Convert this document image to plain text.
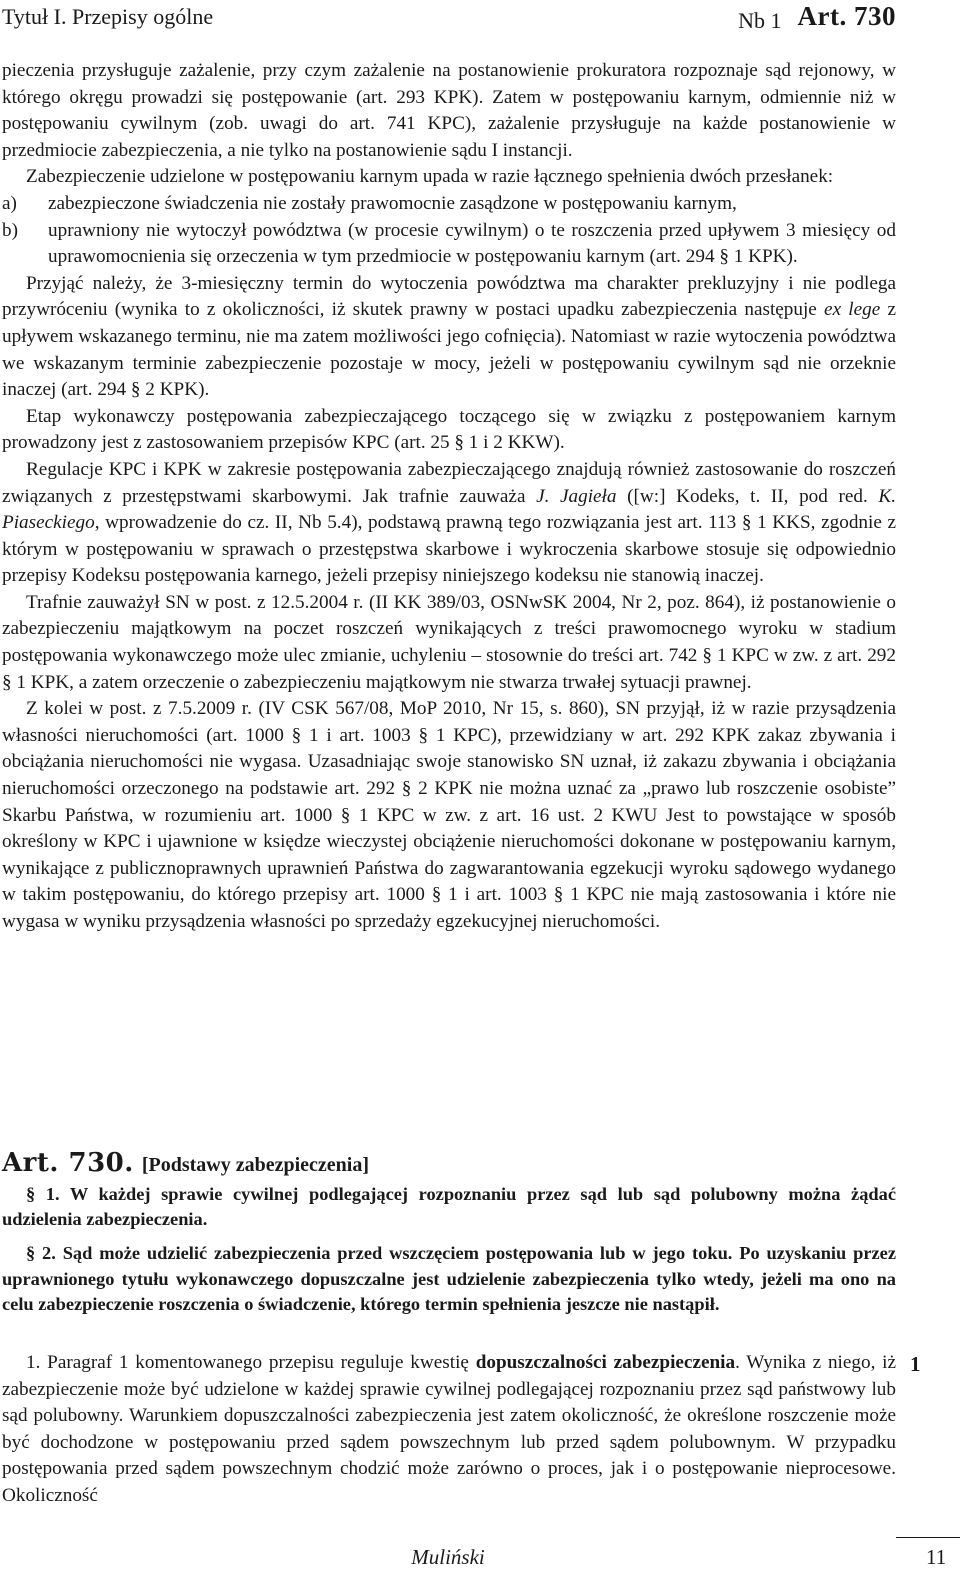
Tytuł I. Przepisy ogólne	Nb 1 Art. 730

pieczenia przysługuje zażalenie, przy czym zażalenie na postanowienie prokuratora rozpoznaje sąd rejonowy, w którego okręgu prowadzi się postępowanie (art. 293 KPK). Zatem w postępowaniu karnym, odmiennie niż w postępowaniu cywilnym (zob. uwagi do art. 741 KPC), zażalenie przysługuje na każde postanowienie w przedmiocie zabezpieczenia, a nie tylko na postanowienie sądu I instancji.

Zabezpieczenie udzielone w postępowaniu karnym upada w razie łącznego spełnienia dwóch przesłanek:

a)	zabezpieczone świadczenia nie zostały prawomocnie zasądzone w postępowaniu karnym,
b)	uprawniony nie wytoczył powództwa (w procesie cywilnym) o te roszczenia przed upływem 3 miesięcy od uprawomocnienia się orzeczenia w tym przedmiocie w postępowaniu karnym (art. 294 § 1 KPK).

Przyjąć należy, że 3-miesięczny termin do wytoczenia powództwa ma charakter prekluzyjny i nie podlega przywróceniu (wynika to z okoliczności, iż skutek prawny w postaci upadku zabezpieczenia następuje ex lege z upływem wskazanego terminu, nie ma zatem możliwości jego cofnięcia). Natomiast w razie wytoczenia powództwa we wskazanym terminie zabezpieczenie pozostaje w mocy, jeżeli w postępowaniu cywilnym sąd nie orzeknie inaczej (art. 294 § 2 KPK).

Etap wykonawczy postępowania zabezpieczającego toczącego się w związku z postępowaniem karnym prowadzony jest z zastosowaniem przepisów KPC (art. 25 § 1 i 2 KKW).

Regulacje KPC i KPK w zakresie postępowania zabezpieczającego znajdują również zastosowanie do roszczeń związanych z przestępstwami skarbowymi. Jak trafnie zauważa J. Jagieła ([w:] Kodeks, t. II, pod red. K. Piaseckiego, wprowadzenie do cz. II, Nb 5.4), podstawą prawną tego rozwiązania jest art. 113 § 1 KKS, zgodnie z którym w postępowaniu w sprawach o przestępstwa skarbowe i wykroczenia skarbowe stosuje się odpowiednio przepisy Kodeksu postępowania karnego, jeżeli przepisy niniejszego kodeksu nie stanowią inaczej.

Trafnie zauważył SN w post. z 12.5.2004 r. (II KK 389/03, OSNwSK 2004, Nr 2, poz. 864), iż postanowienie o zabezpieczeniu majątkowym na poczet roszczeń wynikających z treści prawomocnego wyroku w stadium postępowania wykonawczego może ulec zmianie, uchyleniu – stosownie do treści art. 742 § 1 KPC w zw. z art. 292 § 1 KPK, a zatem orzeczenie o zabezpieczeniu majątkowym nie stwarza trwałej sytuacji prawnej.

Z kolei w post. z 7.5.2009 r. (IV CSK 567/08, MoP 2010, Nr 15, s. 860), SN przyjął, iż w razie przysądzenia własności nieruchomości (art. 1000 § 1 i art. 1003 § 1 KPC), przewidziany w art. 292 KPK zakaz zbywania i obciążania nieruchomości nie wygasa. Uzasadniając swoje stanowisko SN uznał, iż zakazu zbywania i obciążania nieruchomości orzeczonego na podstawie art. 292 § 2 KPK nie można uznać za „prawo lub roszczenie osobiste” Skarbu Państwa, w rozumieniu art. 1000 § 1 KPC w zw. z art. 16 ust. 2 KWU Jest to powstające w sposób określony w KPC i ujawnione w księdze wieczystej obciążenie nieruchomości dokonane w postępowaniu karnym, wynikające z publicznoprawnych uprawnień Państwa do zagwarantowania egzekucji wyroku sądowego wydanego w takim postępowaniu, do którego przepisy art. 1000 § 1 i art. 1003 § 1 KPC nie mają zastosowania i które nie wygasa w wyniku przysądzenia własności po sprzedaży egzekucyjnej nieruchomości.

Art. 730. [Podstawy zabezpieczenia]

§ 1. W każdej sprawie cywilnej podlegającej rozpoznaniu przez sąd lub sąd polubowny można żądać udzielenia zabezpieczenia.

§ 2. Sąd może udzielić zabezpieczenia przed wszczęciem postępowania lub w jego toku. Po uzyskaniu przez uprawnionego tytułu wykonawczego dopuszczalne jest udzielenie zabezpieczenia tylko wtedy, jeżeli ma ono na celu zabezpieczenie roszczenia o świadczenie, którego termin spełnienia jeszcze nie nastąpił.

1. Paragraf 1 komentowanego przepisu reguluje kwestię dopuszczalności zabezpieczenia. Wynika z niego, iż zabezpieczenie może być udzielone w każdej sprawie cywilnej podlegającej rozpoznaniu przez sąd państwowy lub sąd polubowny. Warunkiem dopuszczalności zabezpieczenia jest zatem okoliczność, że określone roszczenie może być dochodzone w postępowaniu przed sądem powszechnym lub przed sądem polubownym. W przypadku postępowania przed sądem powszechnym chodzić może zarówno o proces, jak i o postępowanie nieprocesowe. Okoliczność

1
Muliński	11
